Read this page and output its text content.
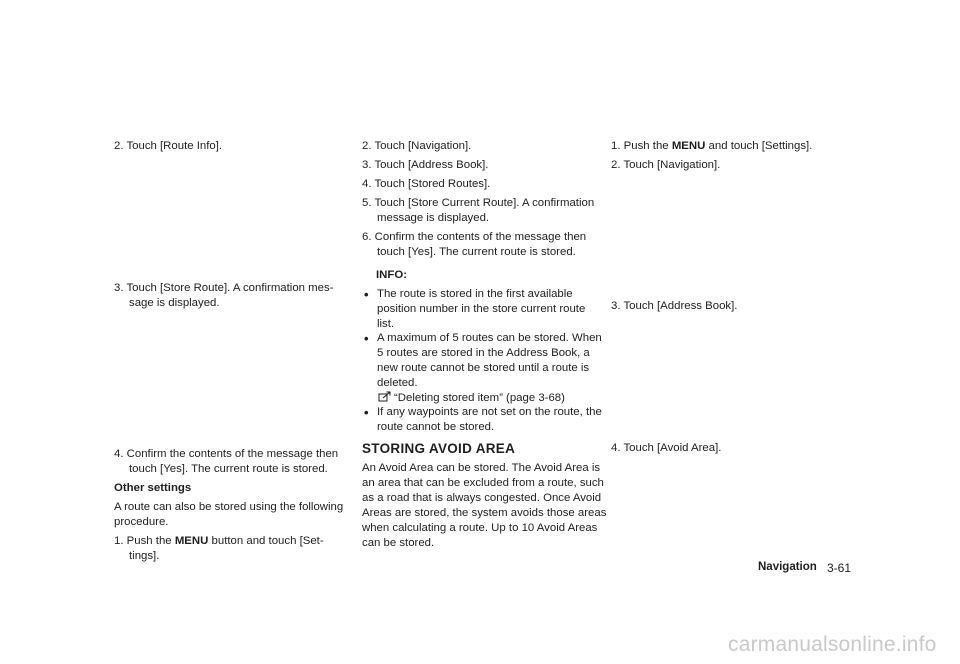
2. Touch [Route Info].
3. Touch [Store Route]. A confirmation mes-
sage is displayed.
4. Confirm the contents of the message then
touch [Yes]. The current route is stored.
Other settings
A route can also be stored using the following
procedure.
1. Push the MENU button and touch [Set-
tings].
2. Touch [Navigation].
3. Touch [Address Book].
4. Touch [Stored Routes].
5. Touch [Store Current Route]. A confirmation
message is displayed.
6. Confirm the contents of the message then
touch [Yes]. The current route is stored.
INFO:
• The route is stored in the first available
position number in the store current route
list.
• A maximum of 5 routes can be stored. When
5 routes are stored in the Address Book, a
new route cannot be stored until a route is
deleted.
“Deleting stored item” (page 3-68)
• If any waypoints are not set on the route, the
route cannot be stored.
STORING AVOID AREA
An Avoid Area can be stored. The Avoid Area is
an area that can be excluded from a route, such
as a road that is always congested. Once Avoid
Areas are stored, the system avoids those areas
when calculating a route. Up to 10 Avoid Areas
can be stored.
1. Push the MENU and touch [Settings].
2. Touch [Navigation].
3. Touch [Address Book].
4. Touch [Avoid Area].
Navigation 3-61
carmanualsonline.info
